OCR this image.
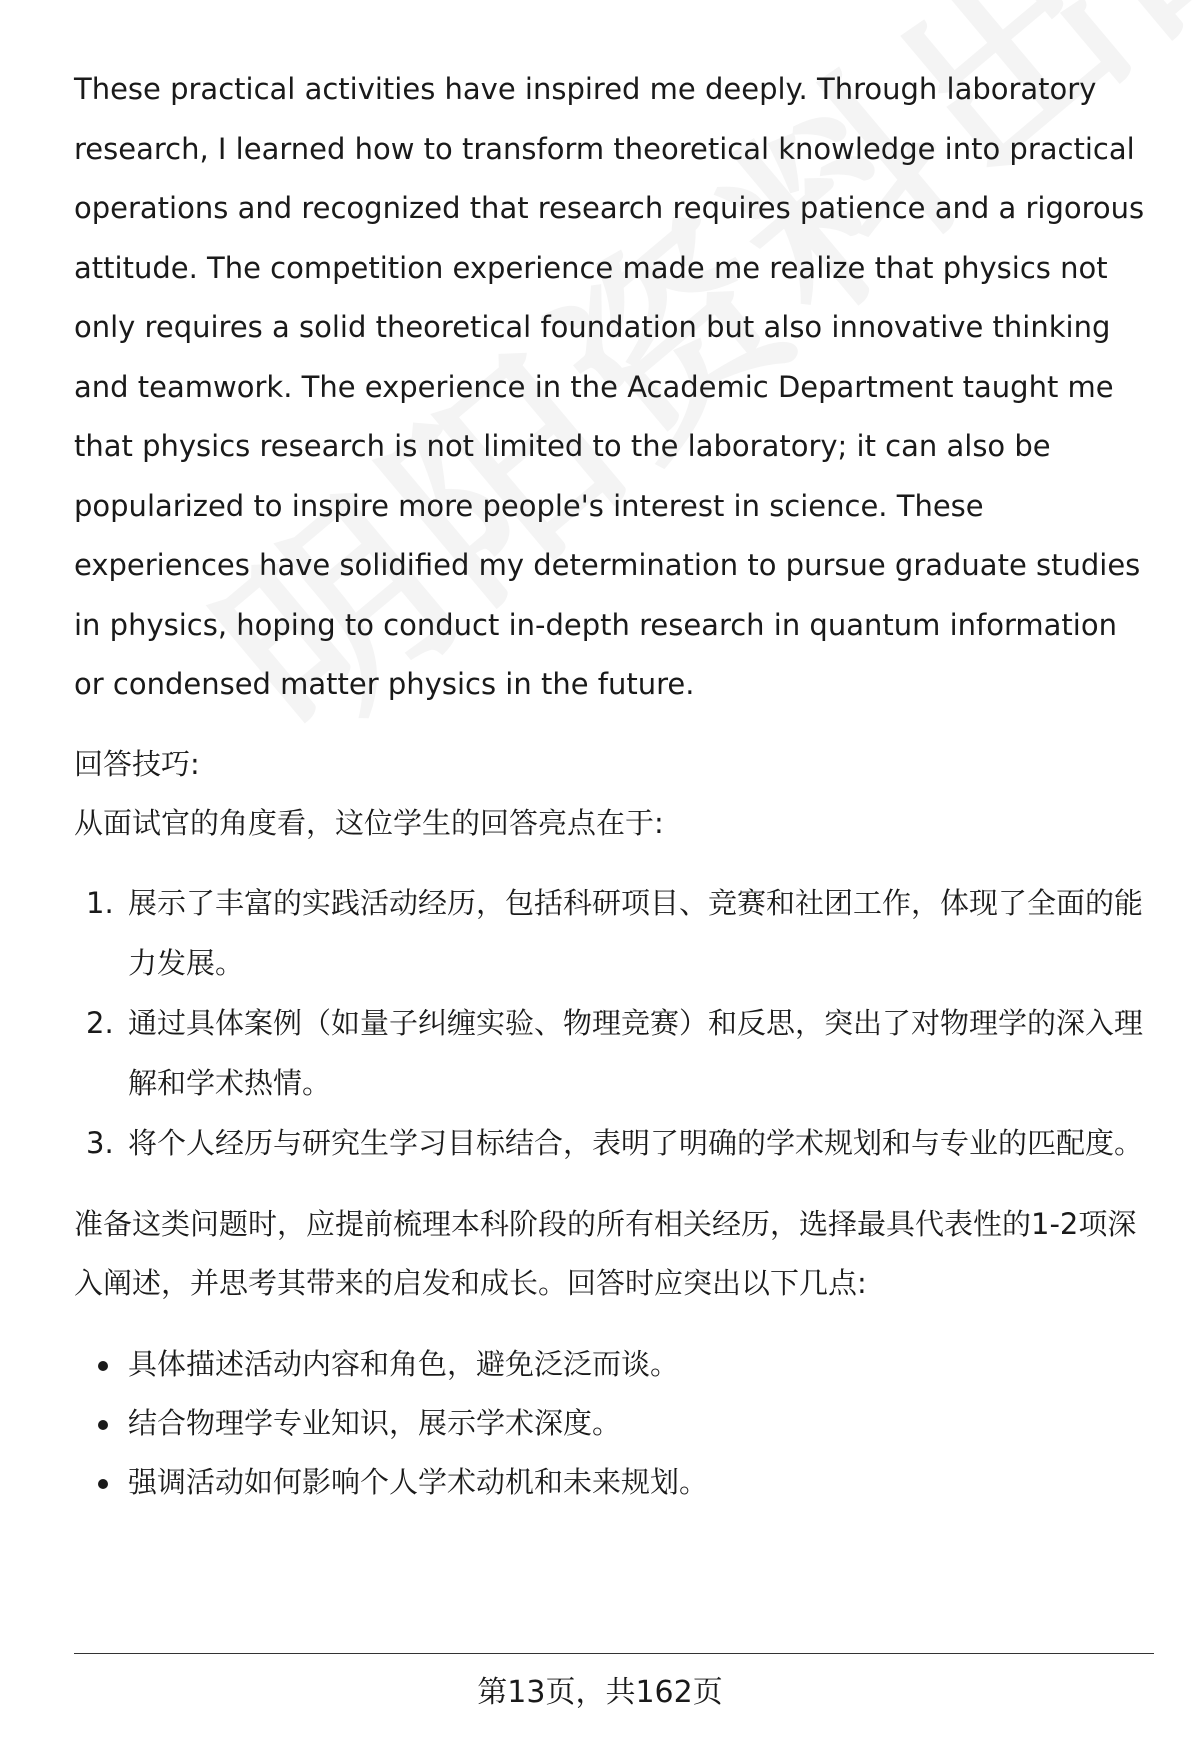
These practical activities have inspired me deeply. Through laboratory research, I learned how to transform theoretical knowledge into practical operations and recognized that research requires patience and a rigorous attitude. The competition experience made me realize that physics not only requires a solid theoretical foundation but also innovative thinking and teamwork. The experience in the Academic Department taught me that physics research is not limited to the laboratory; it can also be popularized to inspire more people's interest in science. These experiences have solidified my determination to pursue graduate studies in physics, hoping to conduct in-depth research in quantum information or condensed matter physics in the future.

回答技巧:

从面试官的角度看，这位学生的回答亮点在于:

1. 展示了丰富的实践活动经历，包括科研项目、竞赛和社团工作，体现了全面的能力发展。
2. 通过具体案例（如量子纠缠实验、物理竞赛）和反思，突出了对物理学的深入理解和学术热情。
3. 将个人经历与研究生学习目标结合，表明了明确的学术规划和与专业的匹配度。

准备这类问题时，应提前梳理本科阶段的所有相关经历，选择最具代表性的1-2项深入阐述，并思考其带来的启发和成长。回答时应突出以下几点:

具体描述活动内容和角色，避免泛泛而谈。
结合物理学专业知识，展示学术深度。
强调活动如何影响个人学术动机和未来规划。
第13页，共162页
